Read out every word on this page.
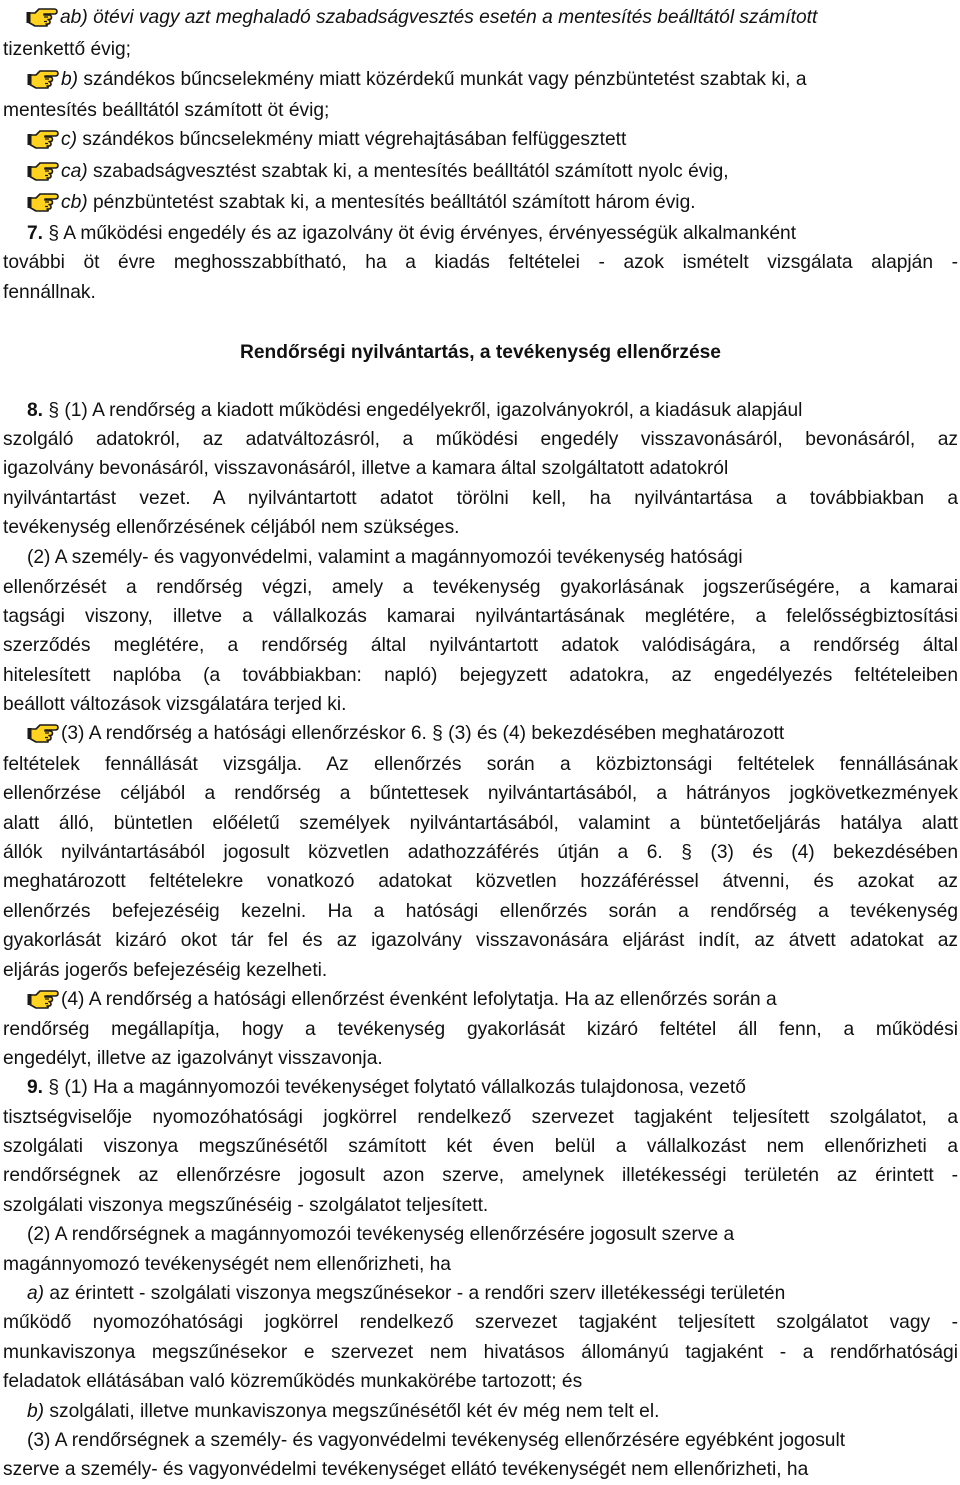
ab) ötévi vagy azt meghaladó szabadságvesztés esetén a mentesítés beálltától számított
tizenkettő évig;
b) szándékos bűncselekmény miatt közérdekű munkát vagy pénzbüntetést szabtak ki, a
mentesítés beálltától számított öt évig;
c) szándékos bűncselekmény miatt végrehajtásában felfüggesztett
ca) szabadságvesztést szabtak ki, a mentesítés beálltától számított nyolc évig,
cb) pénzbüntetést szabtak ki, a mentesítés beálltától számított három évig.
7. § A működési engedély és az igazolvány öt évig érvényes, érvényességük alkalmanként
további öt évre meghosszabbítható, ha a kiadás feltételei - azok ismételt vizsgálata alapján -
fennállnak.
Rendőrségi nyilvántartás, a tevékenység ellenőrzése
8. § (1) A rendőrség a kiadott működési engedélyekről, igazolványokról, a kiadásuk alapjául
szolgáló adatokról, az adatváltozásról, a működési engedély visszavonásáról, bevonásáról, az
igazolvány bevonásáról, visszavonásáról, illetve a kamara által szolgáltatott adatokról
nyilvántartást vezet. A nyilvántartott adatot törölni kell, ha nyilvántartása a továbbiakban a
tevékenység ellenőrzésének céljából nem szükséges.
(2) A személy- és vagyonvédelmi, valamint a magánnyomozói tevékenység hatósági
ellenőrzését a rendőrség végzi, amely a tevékenység gyakorlásának jogszerűségére, a kamarai
tagsági viszony, illetve a vállalkozás kamarai nyilvántartásának meglétére, a felelősségbiztosítási
szerződés meglétére, a rendőrség által nyilvántartott adatok valódiságára, a rendőrség által
hitelesített naplóba (a továbbiakban: napló) bejegyzett adatokra, az engedélyezés feltételeiben
beállott változások vizsgálatára terjed ki.
(3) A rendőrség a hatósági ellenőrzéskor 6. § (3) és (4) bekezdésében meghatározott
feltételek fennállását vizsgálja. Az ellenőrzés során a közbiztonsági feltételek fennállásának
ellenőrzése céljából a rendőrség a bűntettesek nyilvántartásából, a hátrányos jogkövetkezmények
alatt álló, büntetlen előéletű személyek nyilvántartásából, valamint a büntetőeljárás hatálya alatt
állók nyilvántartásából jogosult közvetlen adathozzáférés útján a 6. § (3) és (4) bekezdésében
meghatározott feltételekre vonatkozó adatokat közvetlen hozzáféréssel átvenni, és azokat az
ellenőrzés befejezéséig kezelni. Ha a hatósági ellenőrzés során a rendőrség a tevékenység
gyakorlását kizáró okot tár fel és az igazolvány visszavonására eljárást indít, az átvett adatokat az
eljárás jogerős befejezéséig kezelheti.
(4) A rendőrség a hatósági ellenőrzést évenként lefolytatja. Ha az ellenőrzés során a
rendőrség megállapítja, hogy a tevékenység gyakorlását kizáró feltétel áll fenn, a működési
engedélyt, illetve az igazolványt visszavonja.
9. § (1) Ha a magánnyomozói tevékenységet folytató vállalkozás tulajdonosa, vezető
tisztségviselője nyomozóhatósági jogkörrel rendelkező szervezet tagjaként teljesített szolgálatot, a
szolgálati viszonya megszűnésétől számított két éven belül a vállalkozást nem ellenőrizheti a
rendőrségnek az ellenőrzésre jogosult azon szerve, amelynek illetékességi területén az érintett -
szolgálati viszonya megszűnéséig - szolgálatot teljesített.
(2) A rendőrségnek a magánnyomozói tevékenység ellenőrzésére jogosult szerve a
magánnyomozó tevékenységét nem ellenőrizheti, ha
a) az érintett - szolgálati viszonya megszűnésekor - a rendőri szerv illetékességi területén
működő nyomozóhatósági jogkörrel rendelkező szervezet tagjaként teljesített szolgálatot vagy -
munkaviszonya megszűnésekor e szervezet nem hivatásos állományú tagjaként - a rendőrhatósági
feladatok ellátásában való közreműködés munkakörébe tartozott; és
b) szolgálati, illetve munkaviszonya megszűnésétől két év még nem telt el.
(3) A rendőrségnek a személy- és vagyonvédelmi tevékenység ellenőrzésére egyébként jogosult
szerve a személy- és vagyonvédelmi tevékenységet ellátó tevékenységét nem ellenőrizheti, ha
